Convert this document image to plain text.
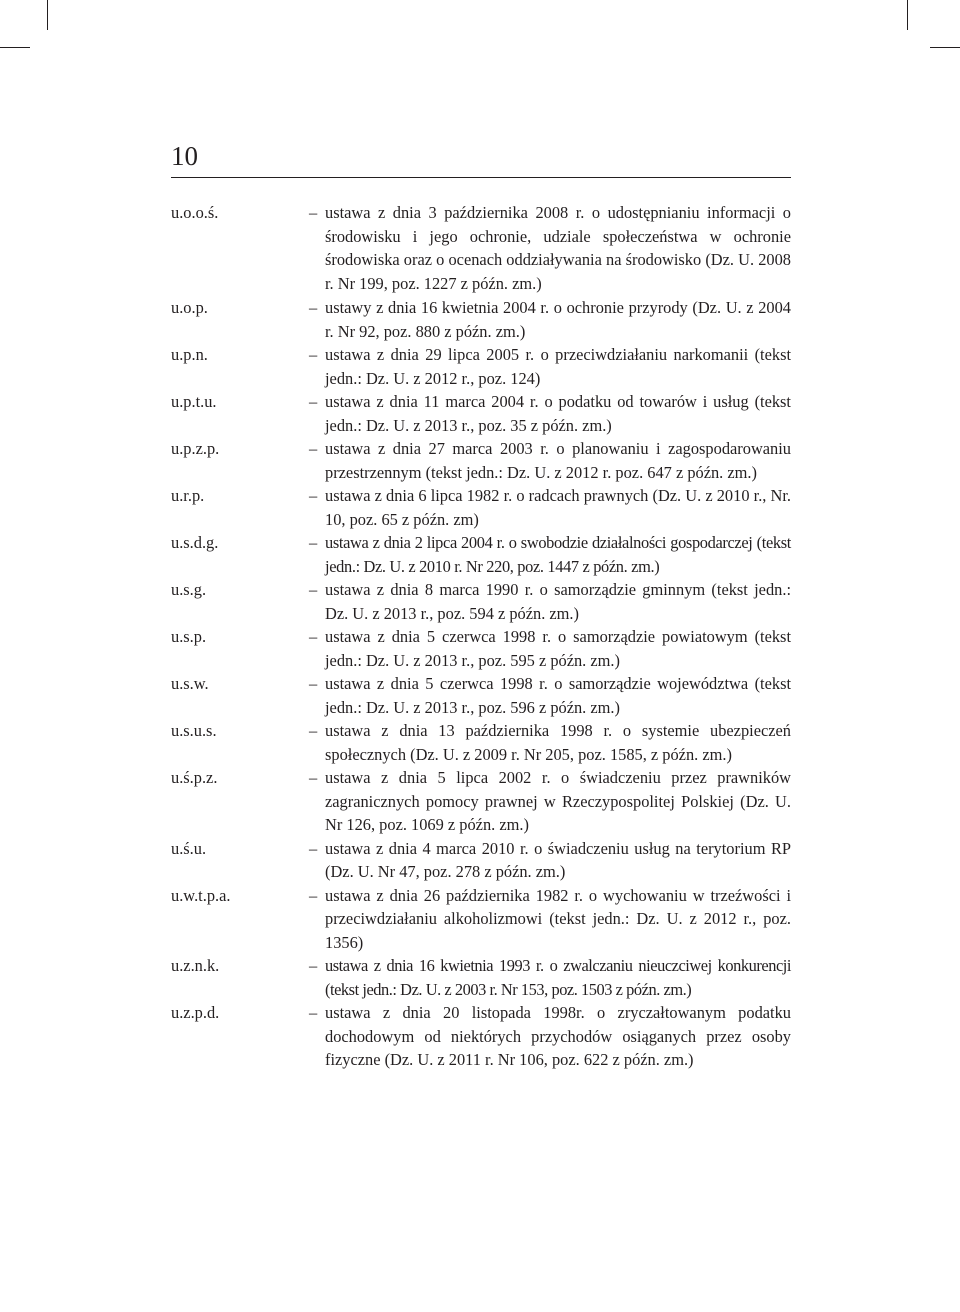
10
u.o.o.ś.	– ustawa z dnia 3 października 2008 r. o udostępnianiu informacji o środowisku i jego ochronie, udziale społeczeństwa w ochronie środowiska oraz o ocenach oddziaływania na środowisko (Dz. U. 2008 r. Nr 199, poz. 1227 z późn. zm.)
u.o.p.	– ustawy z dnia 16 kwietnia 2004 r. o ochronie przyrody (Dz. U. z 2004 r. Nr 92, poz. 880 z późn. zm.)
u.p.n.	– ustawa z dnia 29 lipca 2005 r. o przeciwdziałaniu narkomanii (tekst jedn.: Dz. U. z 2012 r., poz. 124)
u.p.t.u.	– ustawa z dnia 11 marca 2004 r. o podatku od towarów i usług (tekst jedn.: Dz. U. z 2013 r., poz. 35 z późn. zm.)
u.p.z.p.	– ustawa z dnia 27 marca 2003 r. o planowaniu i zagospodarowaniu przestrzennym (tekst jedn.: Dz. U. z 2012 r. poz. 647 z późn. zm.)
u.r.p.	– ustawa z dnia 6 lipca 1982 r. o radcach prawnych (Dz. U. z 2010 r., Nr. 10, poz. 65 z późn. zm)
u.s.d.g.	– ustawa z dnia 2 lipca 2004 r. o swobodzie działalności gospodarczej (tekst jedn.: Dz. U. z 2010 r. Nr 220, poz. 1447 z późn. zm.)
u.s.g.	– ustawa z dnia 8 marca 1990 r. o samorządzie gminnym (tekst jedn.: Dz. U. z 2013 r., poz. 594 z późn. zm.)
u.s.p.	– ustawa z dnia 5 czerwca 1998 r. o samorządzie powiatowym (tekst jedn.: Dz. U. z 2013 r., poz. 595 z późn. zm.)
u.s.w.	– ustawa z dnia 5 czerwca 1998 r. o samorządzie województwa (tekst jedn.: Dz. U. z 2013 r., poz. 596 z późn. zm.)
u.s.u.s.	– ustawa z dnia 13 października 1998 r. o systemie ubezpieczeń społecznych (Dz. U. z 2009 r. Nr 205, poz. 1585, z późn. zm.)
u.ś.p.z.	– ustawa z dnia 5 lipca 2002 r. o świadczeniu przez prawników zagranicznych pomocy prawnej w Rzeczypospolitej Polskiej (Dz. U. Nr 126, poz. 1069 z późn. zm.)
u.ś.u.	– ustawa z dnia 4 marca 2010 r. o świadczeniu usług na terytorium RP (Dz. U. Nr 47, poz. 278 z późn. zm.)
u.w.t.p.a.	– ustawa z dnia 26 października 1982 r. o wychowaniu w trzeźwości i przeciwdziałaniu alkoholizmowi (tekst jedn.: Dz. U. z 2012 r., poz. 1356)
u.z.n.k.	– ustawa z dnia 16 kwietnia 1993 r. o zwalczaniu nieuczciwej konkurencji (tekst jedn.: Dz. U. z 2003 r. Nr 153, poz. 1503 z późn. zm.)
u.z.p.d.	– ustawa z dnia 20 listopada 1998r. o zryczałtowanym podatku dochodowym od niektórych przychodów osiąganych przez osoby fizyczne (Dz. U. z 2011 r. Nr 106, poz. 622 z późn. zm.)
